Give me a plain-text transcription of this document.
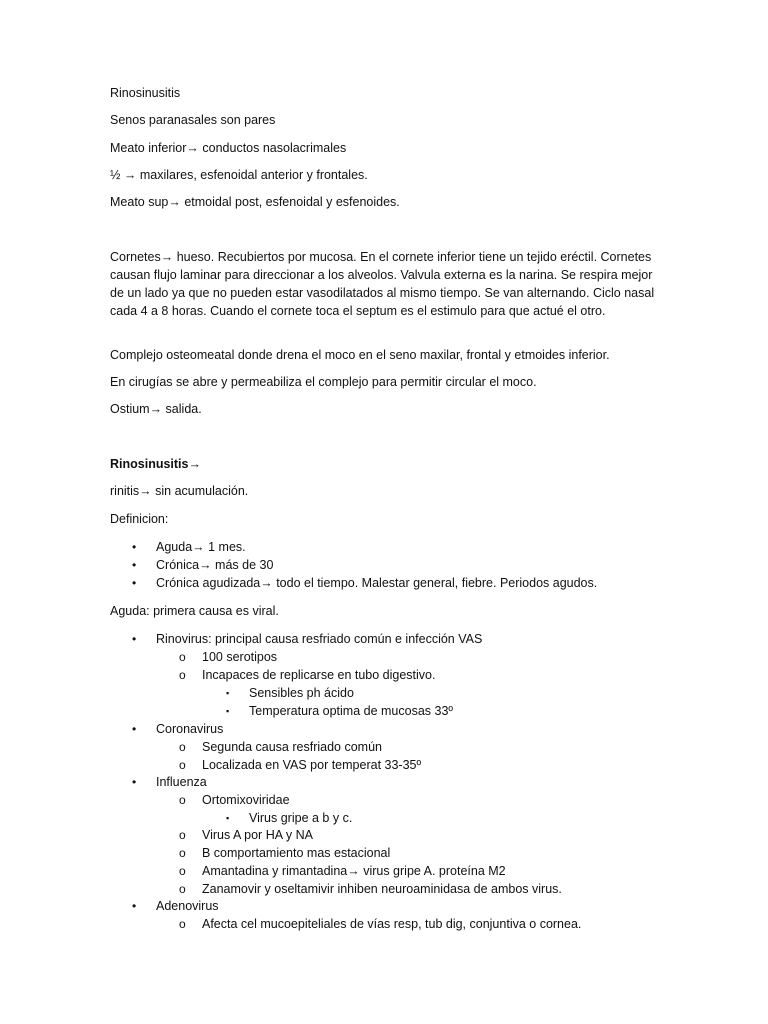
Rinosinusitis
Senos paranasales son pares
Meato inferior→ conductos nasolacrimales
½ → maxilares, esfenoidal anterior y frontales.
Meato sup→ etmoidal post, esfenoidal y esfenoides.
Cornetes→ hueso. Recubiertos por mucosa. En el cornete inferior tiene un tejido eréctil. Cornetes causan flujo laminar para direccionar a los alveolos. Valvula externa es la narina. Se respira mejor de un lado ya que no pueden estar vasodilatados al mismo tiempo. Se van alternando. Ciclo nasal cada 4 a 8 horas. Cuando el cornete toca el septum es el estimulo para que actué el otro.
Complejo osteomeatal donde drena el moco en el seno maxilar, frontal y etmoides inferior.
En cirugías se abre y permeabiliza el complejo para permitir circular el moco.
Ostium→ salida.
Rinosinusitis→
rinitis→ sin acumulación.
Definicion:
• Aguda→ 1 mes.
• Crónica→ más de 30
• Crónica agudizada→ todo el tiempo. Malestar general, fiebre. Periodos agudos.
Aguda: primera causa es viral.
• Rinovirus: principal causa resfriado común e infección VAS
o 100 serotipos
o Incapaces de replicarse en tubo digestivo.
▪ Sensibles ph ácido
▪ Temperatura optima de mucosas 33º
• Coronavirus
o Segunda causa resfriado común
o Localizada en VAS por temperat 33-35º
• Influenza
o Ortomixoviridae
▪ Virus gripe a b y c.
o Virus A por HA y NA
o B comportamiento mas estacional
o Amantadina y rimantadina→ virus gripe A. proteína M2
o Zanamovir y oseltamivir inhiben neuroaminidasa de ambos virus.
• Adenovirus
o Afecta cel mucoepiteliales de vías resp, tub dig, conjuntiva o cornea.
